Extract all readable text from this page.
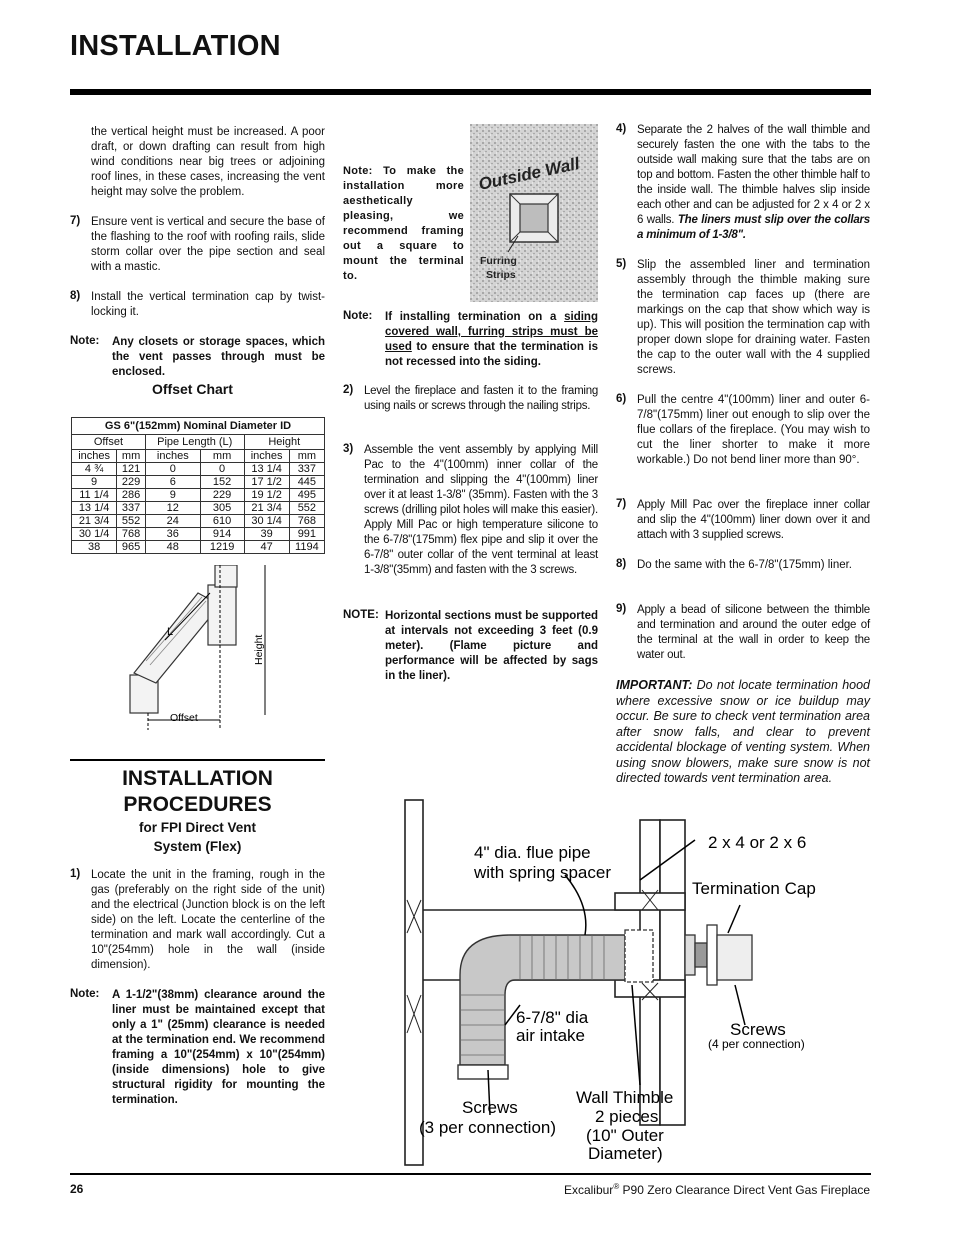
INSTALLATION

the vertical height must be increased. A poor draft, or down drafting can result from high wind conditions near big trees or adjoining roof lines, in these cases, increasing the vent height may solve the problem.

7) Ensure vent is vertical and secure the base of the flashing to the roof with roofing rails, slide storm collar over the pipe section and seal with a mastic.

8) Install the vertical termination cap by twist-locking it.

Note: Any closets or storage spaces, which the vent passes through must be enclosed.

Offset Chart
GS 6"(152mm) Nominal Diameter ID					
Offset		Pipe Length (L)		Height	
inches	mm	inches	mm	inches	mm
4 ¾	121	0	0	13 1/4	337
9	229	6	152	17 1/2	445
11 1/4	286	9	229	19 1/2	495
13 1/4	337	12	305	21 3/4	552
21 3/4	552	24	610	30 1/4	768
30 1/4	768	36	914	39	991
38	965	48	1219	47	1194
L
Height
Offset
INSTALLATION
PROCEDURES
for FPI Direct Vent
System (Flex)
1) Locate the unit in the framing, rough in the gas (preferably on the right side of the unit) and the electrical (Junction block is on the left side) on the left. Locate the centerline of the termination and mark wall accordingly. Cut a 10"(254mm) hole in the wall (inside dimension).

Note: A 1-1/2"(38mm) clearance around the liner must be maintained except that only a 1" (25mm) clearance is needed at the termination end. We recommend framing a 10"(254mm) x 10"(254mm) (inside dimensions) hole to give structural rigidity for mounting the termination.

Note: To make the installation more aesthetically pleasing, we recommend framing out a square to mount the terminal to.

Outside Wall
Furring
Strips
Note: If installing termination on a siding covered wall, furring strips must be used to ensure that the termination is not recessed into the siding.

2) Level the fireplace and fasten it to the framing using nails or screws through the nailing strips.

3) Assemble the vent assembly by applying Mill Pac to the 4"(100mm) inner collar of the termination and slipping the 4"(100mm) liner over it at least 1-3/8" (35mm). Fasten with the 3 screws (drilling pilot holes will make this easier). Apply Mill Pac or high temperature silicone to the 6-7/8"(175mm) flex pipe and slip it over the 6-7/8" outer collar of the vent terminal at least 1-3/8"(35mm) and fasten with the 3 screws.

NOTE: Horizontal sections must be supported at intervals not exceeding 3 feet (0.9 meter). (Flame picture and performance will be affected by sags in the liner).

4) Separate the 2 halves of the wall thimble and securely fasten the one with the tabs to the outside wall making sure that the tabs are on top and bottom. Fasten the other thimble half to the inside wall. The thimble halves slip inside each other and can be adjusted for 2 x 4 or 2 x 6 walls. The liners must slip over the collars a minimum of 1-3/8".

5) Slip the assembled liner and termination assembly through the thimble making sure the termination cap faces up (there are markings on the cap that show which way is up). This will position the termination cap with proper down slope for draining water. Fasten the cap to the outer wall with the 4 supplied screws.

6) Pull the centre 4"(100mm) liner and outer 6-7/8"(175mm) liner out enough to slip over the flue collars of the fireplace. (You may wish to cut the liner shorter to make it more workable.) Do not bend liner more than 90°.

7) Apply Mill Pac over the fireplace inner collar and slip the 4"(100mm) liner down over it and attach with 3 supplied screws.

8) Do the same with the 6-7/8"(175mm) liner.

9) Apply a bead of silicone between the thimble and termination and around the outer edge of the terminal at the wall in order to keep the water out.

IMPORTANT: Do not locate termination hood where excessive snow or ice buildup may occur. Be sure to check vent termination area after snow falls, and clear to prevent accidental blockage of venting system. When using snow blowers, make sure snow is not directed towards vent termination area.

4" dia. flue pipe
with spring spacer
2 x 4 or 2 x 6
Termination Cap
6-7/8" dia
air intake	Screws
(4 per connection)
Screws
(3 per connection)
Wall Thimble
2 pieces
(10" Outer
Diameter)
26	Excalibur® P90 Zero Clearance Direct Vent Gas Fireplace
